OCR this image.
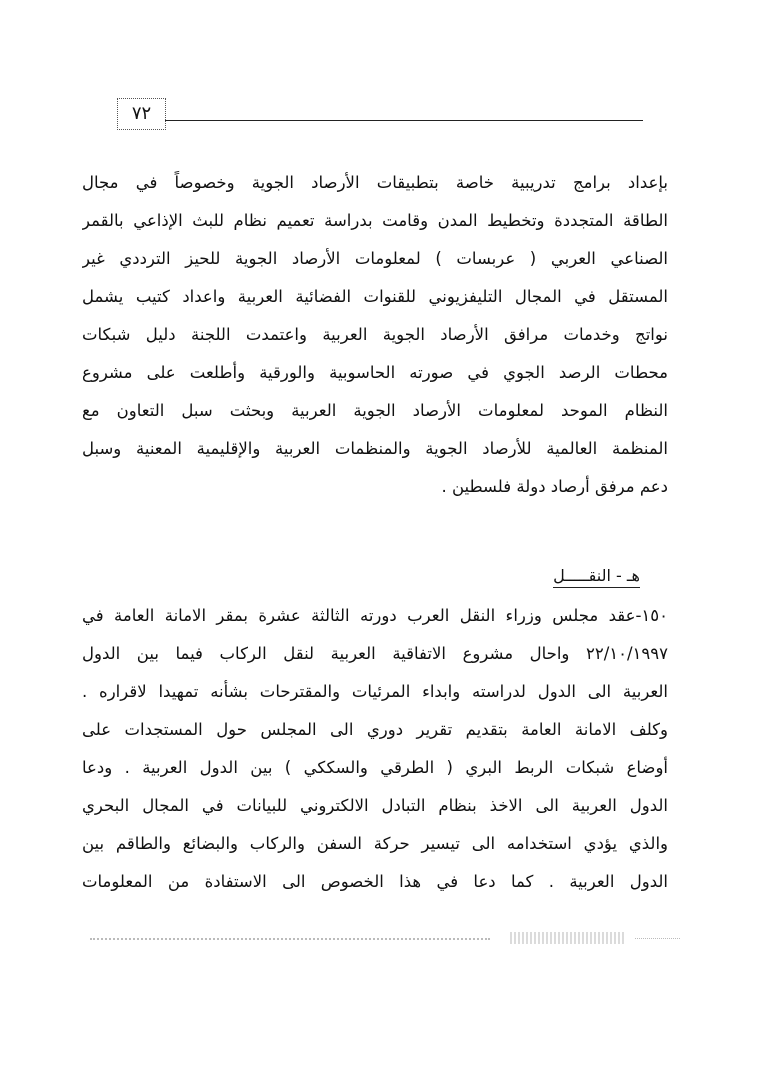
٧٢
بإعداد برامج تدريبية خاصة بتطبيقات الأرصاد الجوية وخصوصاً في مجال
الطاقة المتجددة وتخطيط المدن وقامت بدراسة تعميم نظام للبث الإذاعي بالقمر
الصناعي العربي ( عربسات ) لمعلومات الأرصاد الجوية للحيز الترددي غير
المستقل في المجال التليفزيوني للقنوات الفضائية العربية واعداد كتيب يشمل
نواتج وخدمات مرافق الأرصاد الجوية العربية واعتمدت اللجنة دليل شبكات
محطات الرصد الجوي في صورته الحاسوبية والورقية وأطلعت على مشروع
النظام الموحد لمعلومات الأرصاد الجوية العربية وبحثت سبل التعاون مع
المنظمة العالمية للأرصاد الجوية والمنظمات العربية والإقليمية المعنية وسبل
دعم مرفق أرصاد دولة فلسطين .
هـ - النقـــــل
١٥٠-عقد مجلس وزراء النقل العرب دورته الثالثة عشرة بمقر الامانة العامة في
٢٢/١٠/١٩٩٧ واحال مشروع الاتفاقية العربية لنقل الركاب فيما بين الدول
العربية الى الدول لدراسته وابداء المرئيات والمقترحات بشأنه تمهيدا لاقراره .
وكلف الامانة العامة بتقديم تقرير دوري الى المجلس حول المستجدات على
أوضاع شبكات الربط البري ( الطرقي والسككي ) بين الدول العربية . ودعا
الدول العربية الى الاخذ بنظام التبادل الالكتروني للبيانات في المجال البحري
والذي يؤدي استخدامه الى تيسير حركة السفن والركاب والبضائع والطاقم بين
الدول العربية . كما دعا في هذا الخصوص الى الاستفادة من المعلومات
